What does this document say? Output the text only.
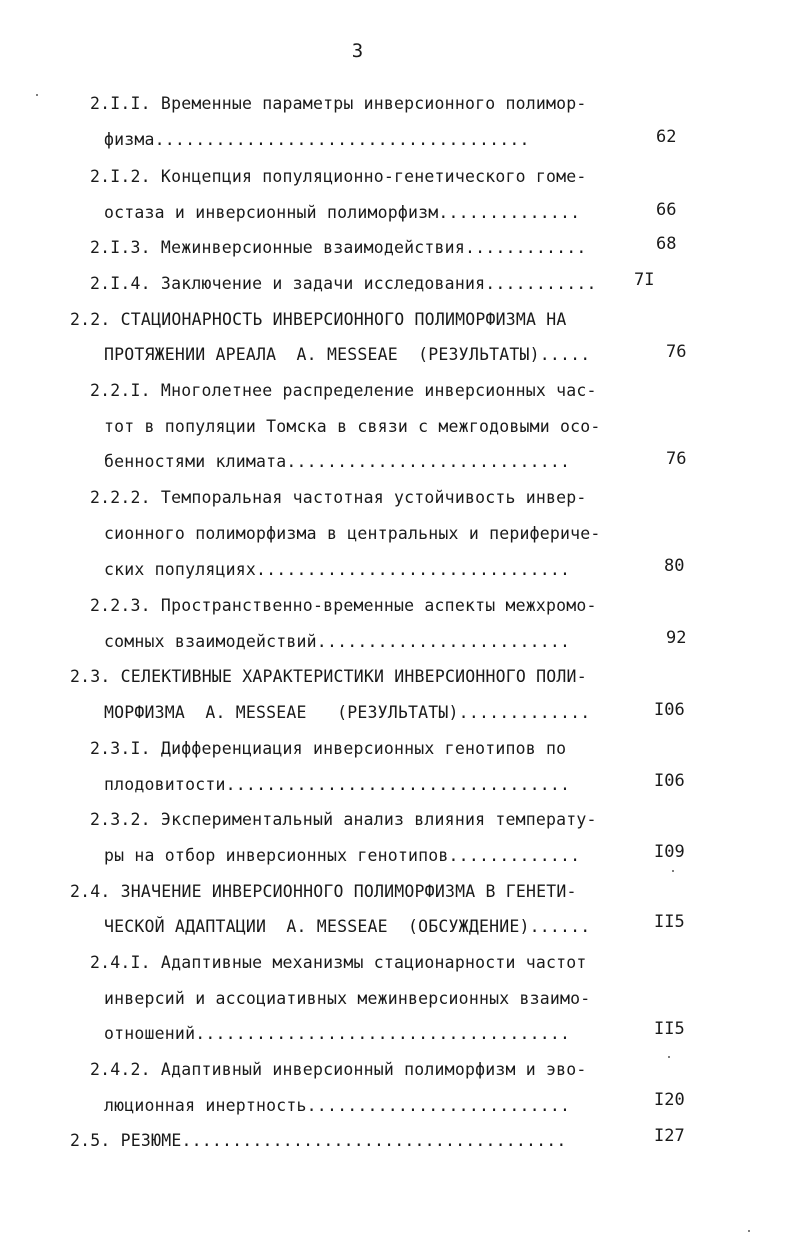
3
2.I.I. Временные параметры инверсионного полимор-
физма.....................................	62
2.I.2. Концепция популяционно-генетического гоме-
остаза и инверсионный полиморфизм..............	66
2.I.3. Межинверсионные взаимодействия............	68
2.I.4. Заключение и задачи исследования........... 7I
2.2. СТАЦИОНАРНОСТЬ ИНВЕРСИОННОГО ПОЛИМОРФИЗМА НА
ПРОТЯЖЕНИИ АРЕАЛА  A. MESSEAE  (РЕЗУЛЬТАТЫ).....	76
2.2.I. Многолетнее распределение инверсионных час-
тот в популяции Томска в связи с межгодовыми осо-
бенностями климата............................	76
2.2.2. Темпоральная частотная устойчивость инвер-
сионного полиморфизма в центральных и перифериче-
ских популяциях...............................	80
2.2.3. Пространственно-временные аспекты межхромо-
сомных взаимодействий.........................	92
2.3. СЕЛЕКТИВНЫЕ ХАРАКТЕРИСТИКИ ИНВЕРСИОННОГО ПОЛИ-
МОРФИЗМА  A. MESSEAE   (РЕЗУЛЬТАТЫ).............	I06
2.3.I. Дифференциация инверсионных генотипов по
плодовитости..................................	I06
2.3.2. Экспериментальный анализ влияния температу-
ры на отбор инверсионных генотипов.............	I09
2.4. ЗНАЧЕНИЕ ИНВЕРСИОННОГО ПОЛИМОРФИЗМА В ГЕНЕТИ-
ЧЕСКОЙ АДАПТАЦИИ  A. MESSEAE  (ОБСУЖДЕНИЕ)......	II5
2.4.I. Адаптивные механизмы стационарности частот
инверсий и ассоциативных межинверсионных взаимо-
отношений.....................................	II5
2.4.2. Адаптивный инверсионный полиморфизм и эво-
люционная инертность..........................	I20
2.5. РЕЗЮМЕ......................................	I27
